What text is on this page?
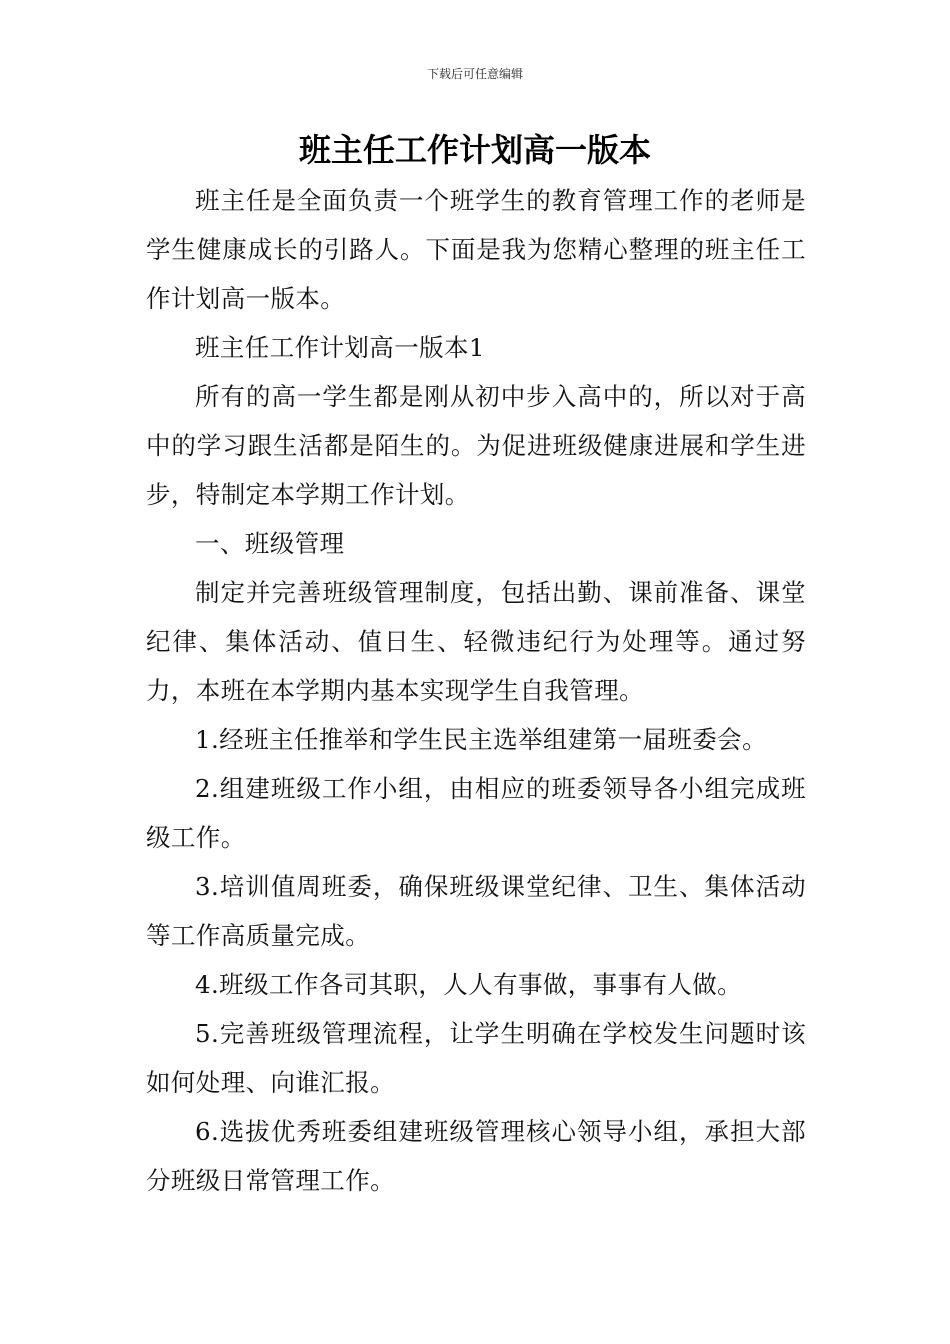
下载后可任意编辑
班主任工作计划高一版本

班主任是全面负责一个班学生的教育管理工作的老师是学生健康成长的引路人。下面是我为您精心整理的班主任工作计划高一版本。

班主任工作计划高一版本1

所有的高一学生都是刚从初中步入高中的，所以对于高中的学习跟生活都是陌生的。为促进班级健康进展和学生进步，特制定本学期工作计划。

一、班级管理

制定并完善班级管理制度，包括出勤、课前准备、课堂纪律、集体活动、值日生、轻微违纪行为处理等。通过努力，本班在本学期内基本实现学生自我管理。

1.经班主任推举和学生民主选举组建第一届班委会。

2.组建班级工作小组，由相应的班委领导各小组完成班级工作。

3.培训值周班委，确保班级课堂纪律、卫生、集体活动等工作高质量完成。

4.班级工作各司其职，人人有事做，事事有人做。

5.完善班级管理流程，让学生明确在学校发生问题时该如何处理、向谁汇报。

6.选拔优秀班委组建班级管理核心领导小组，承担大部分班级日常管理工作。
